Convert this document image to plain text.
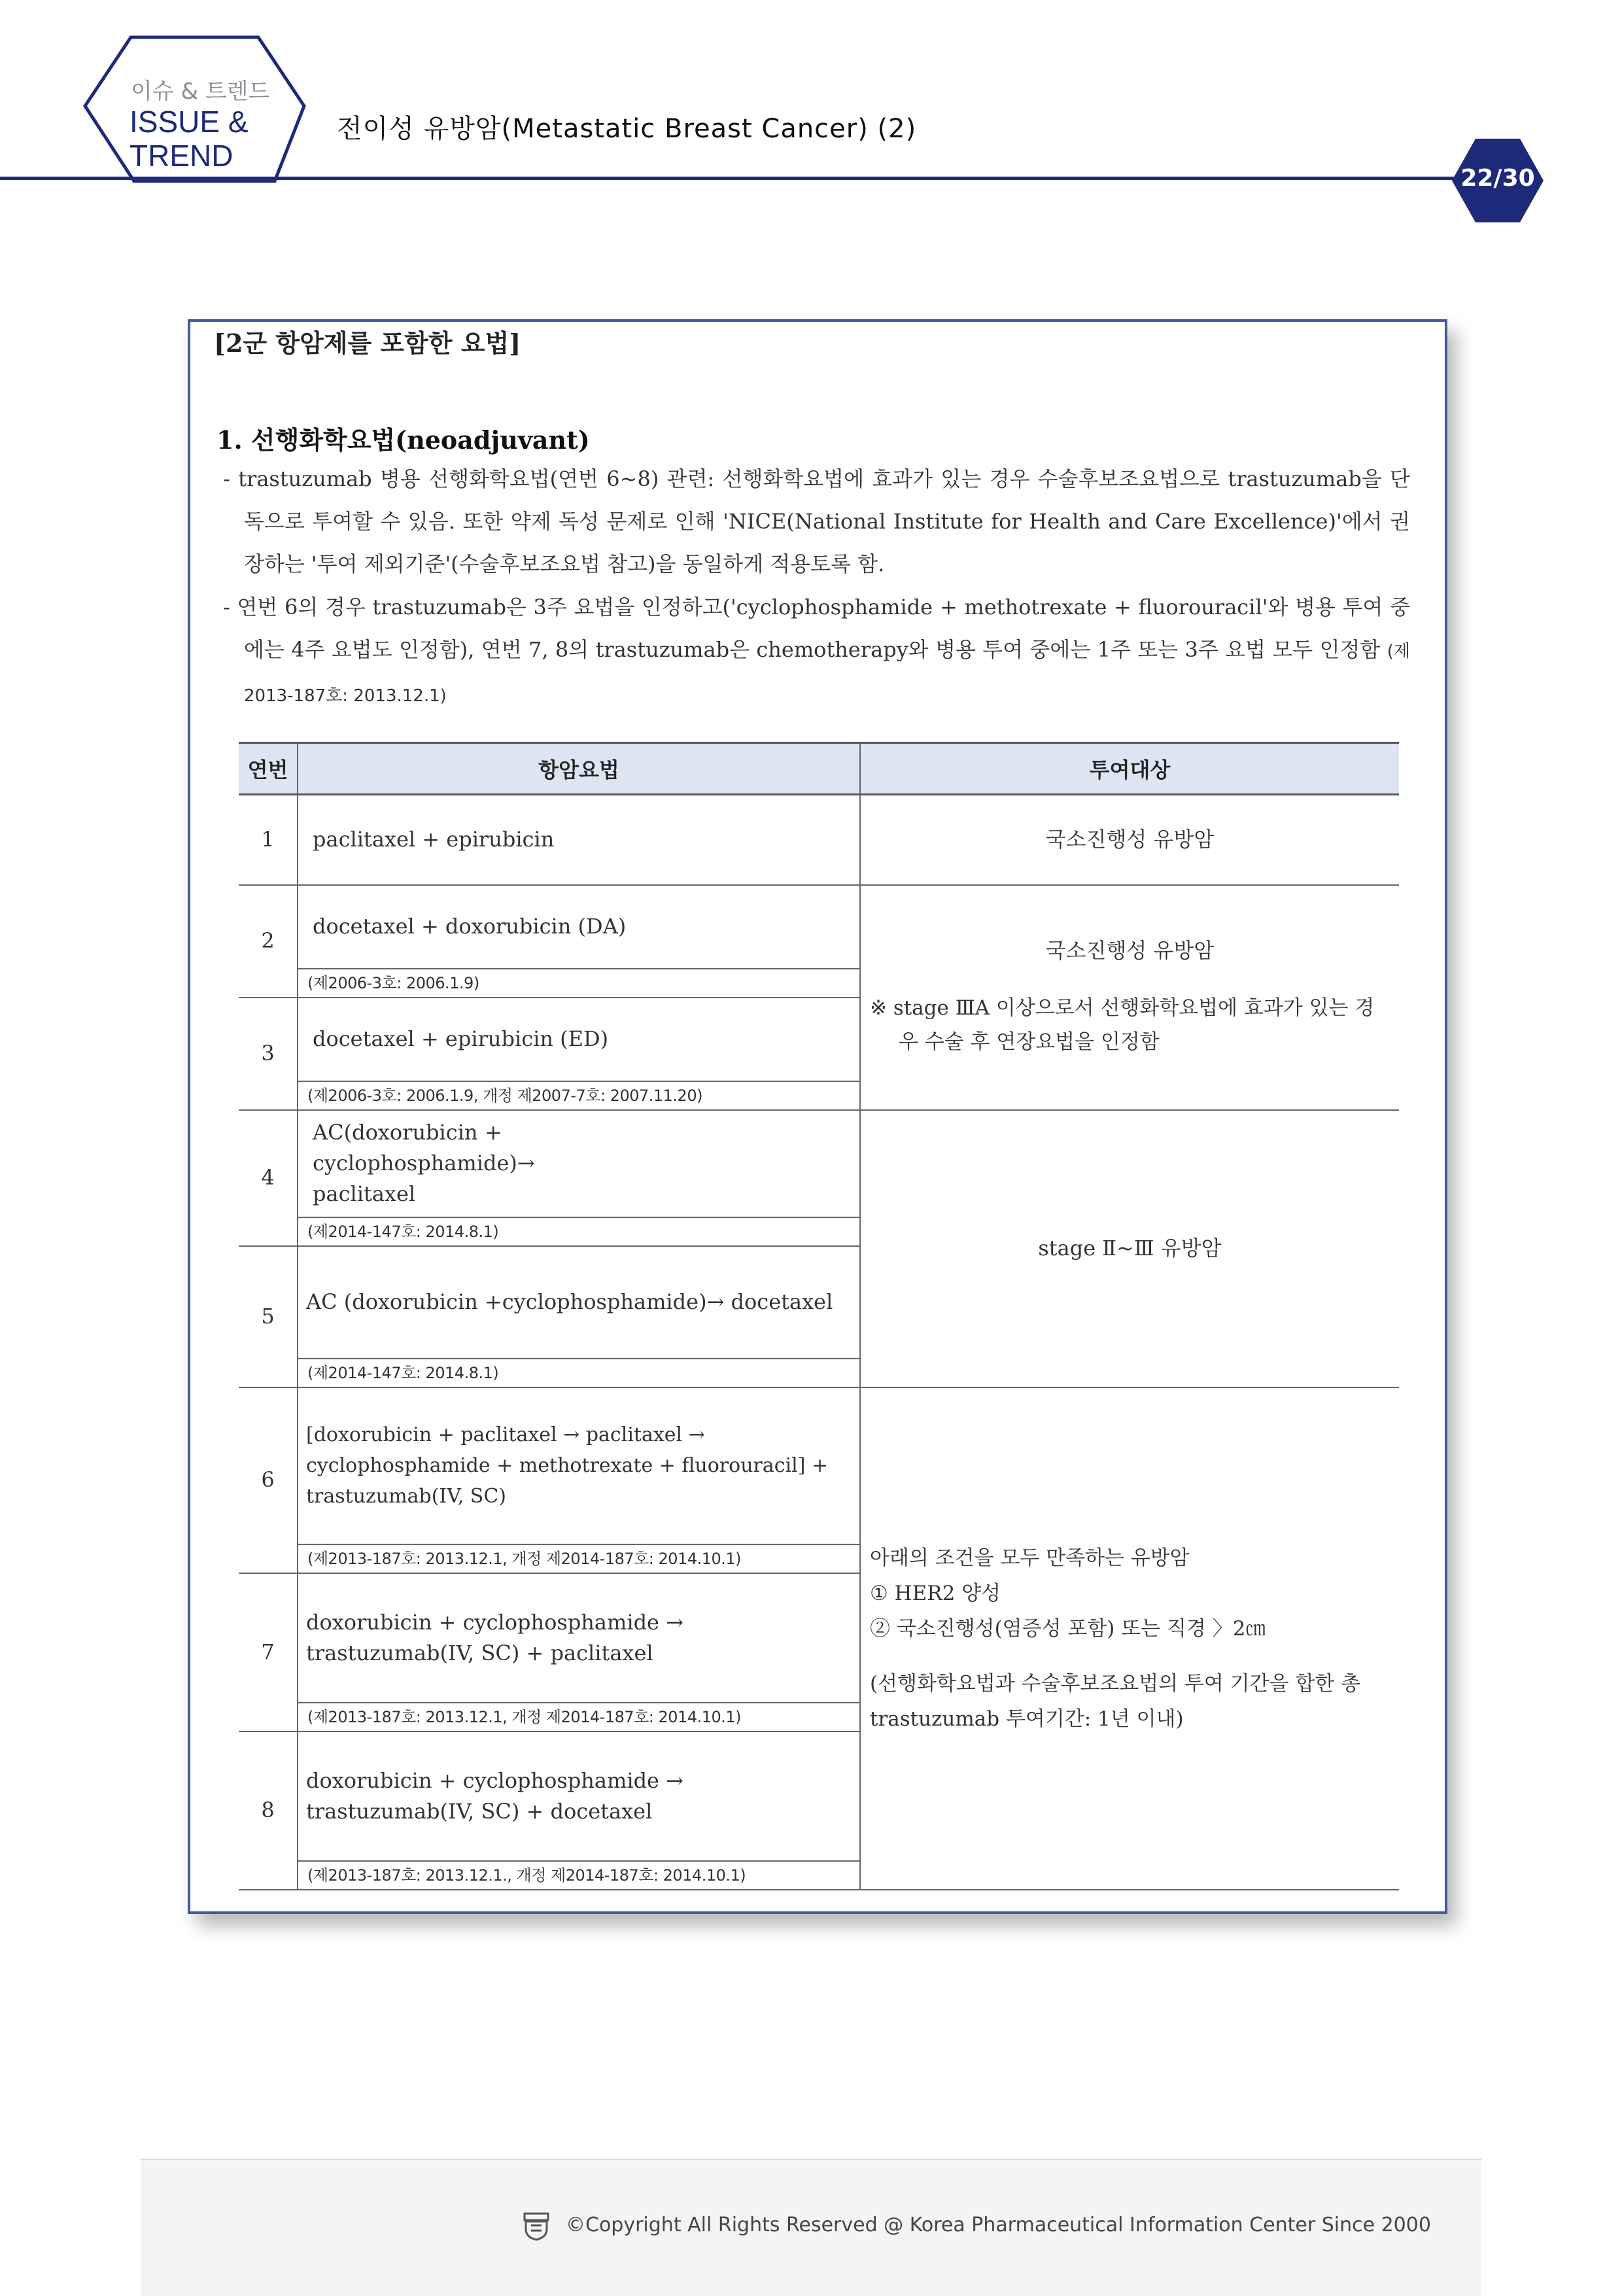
이슈 & 트렌드
ISSUE &
TREND
전이성 유방암(Metastatic Breast Cancer) (2)
22/30
[2군 항암제를 포함한 요법]
1. 선행화학요법(neoadjuvant)
- trastuzumab 병용 선행화학요법(연번 6~8) 관련: 선행화학요법에 효과가 있는 경우 수술후보조요법으로 trastuzumab을 단독으로 투여할 수 있음. 또한 약제 독성 문제로 인해 'NICE(National Institute for Health and Care Excellence)'에서 권장하는 '투여 제외기준'(수술후보조요법 참고)을 동일하게 적용토록 함.
- 연번 6의 경우 trastuzumab은 3주 요법을 인정하고('cyclophosphamide + methotrexate + fluorouracil'와 병용 투여 중에는 4주 요법도 인정함), 연번 7, 8의 trastuzumab은 chemotherapy와 병용 투여 중에는 1주 또는 3주 요법 모두 인정함 (제2013-187호: 2013.12.1)
연번	항암요법	투여대상
1	paclitaxel + epirubicin	국소진행성 유방암
2	docetaxel + doxorubicin (DA)	국소진행성 유방암

※ stage ⅢA 이상으로서 선행화학요법에 효과가 있는 경우 수술 후 연장요법을 인정함

	(제2006-3호: 2006.1.9)	
3	docetaxel + epirubicin (ED)	
	(제2006-3호: 2006.1.9, 개정 제2007-7호: 2007.11.20)	
4	AC(doxorubicin + cyclophosphamide)→ paclitaxel	stage Ⅱ~Ⅲ 유방암
	(제2014-147호: 2014.8.1)	
5	AC (doxorubicin +cyclophosphamide)→ docetaxel	
	(제2014-147호: 2014.8.1)	
6	[doxorubicin + paclitaxel → paclitaxel → cyclophosphamide + methotrexate + fluorouracil] + trastuzumab(IV, SC)	아래의 조건을 모두 만족하는 유방암

① HER2 양성

② 국소진행성(염증성 포함) 또는 직경 〉2㎝

(선행화학요법과 수술후보조요법의 투여 기간을 합한 총 trastuzumab 투여기간: 1년 이내)

	(제2013-187호: 2013.12.1, 개정 제2014-187호: 2014.10.1)	
7	doxorubicin + cyclophosphamide → trastuzumab(IV, SC) + paclitaxel	
	(제2013-187호: 2013.12.1, 개정 제2014-187호: 2014.10.1)	
8	doxorubicin + cyclophosphamide → trastuzumab(IV, SC) + docetaxel	
	(제2013-187호: 2013.12.1., 개정 제2014-187호: 2014.10.1)	
©Copyright All Rights Reserved @ Korea Pharmaceutical Information Center Since 2000
